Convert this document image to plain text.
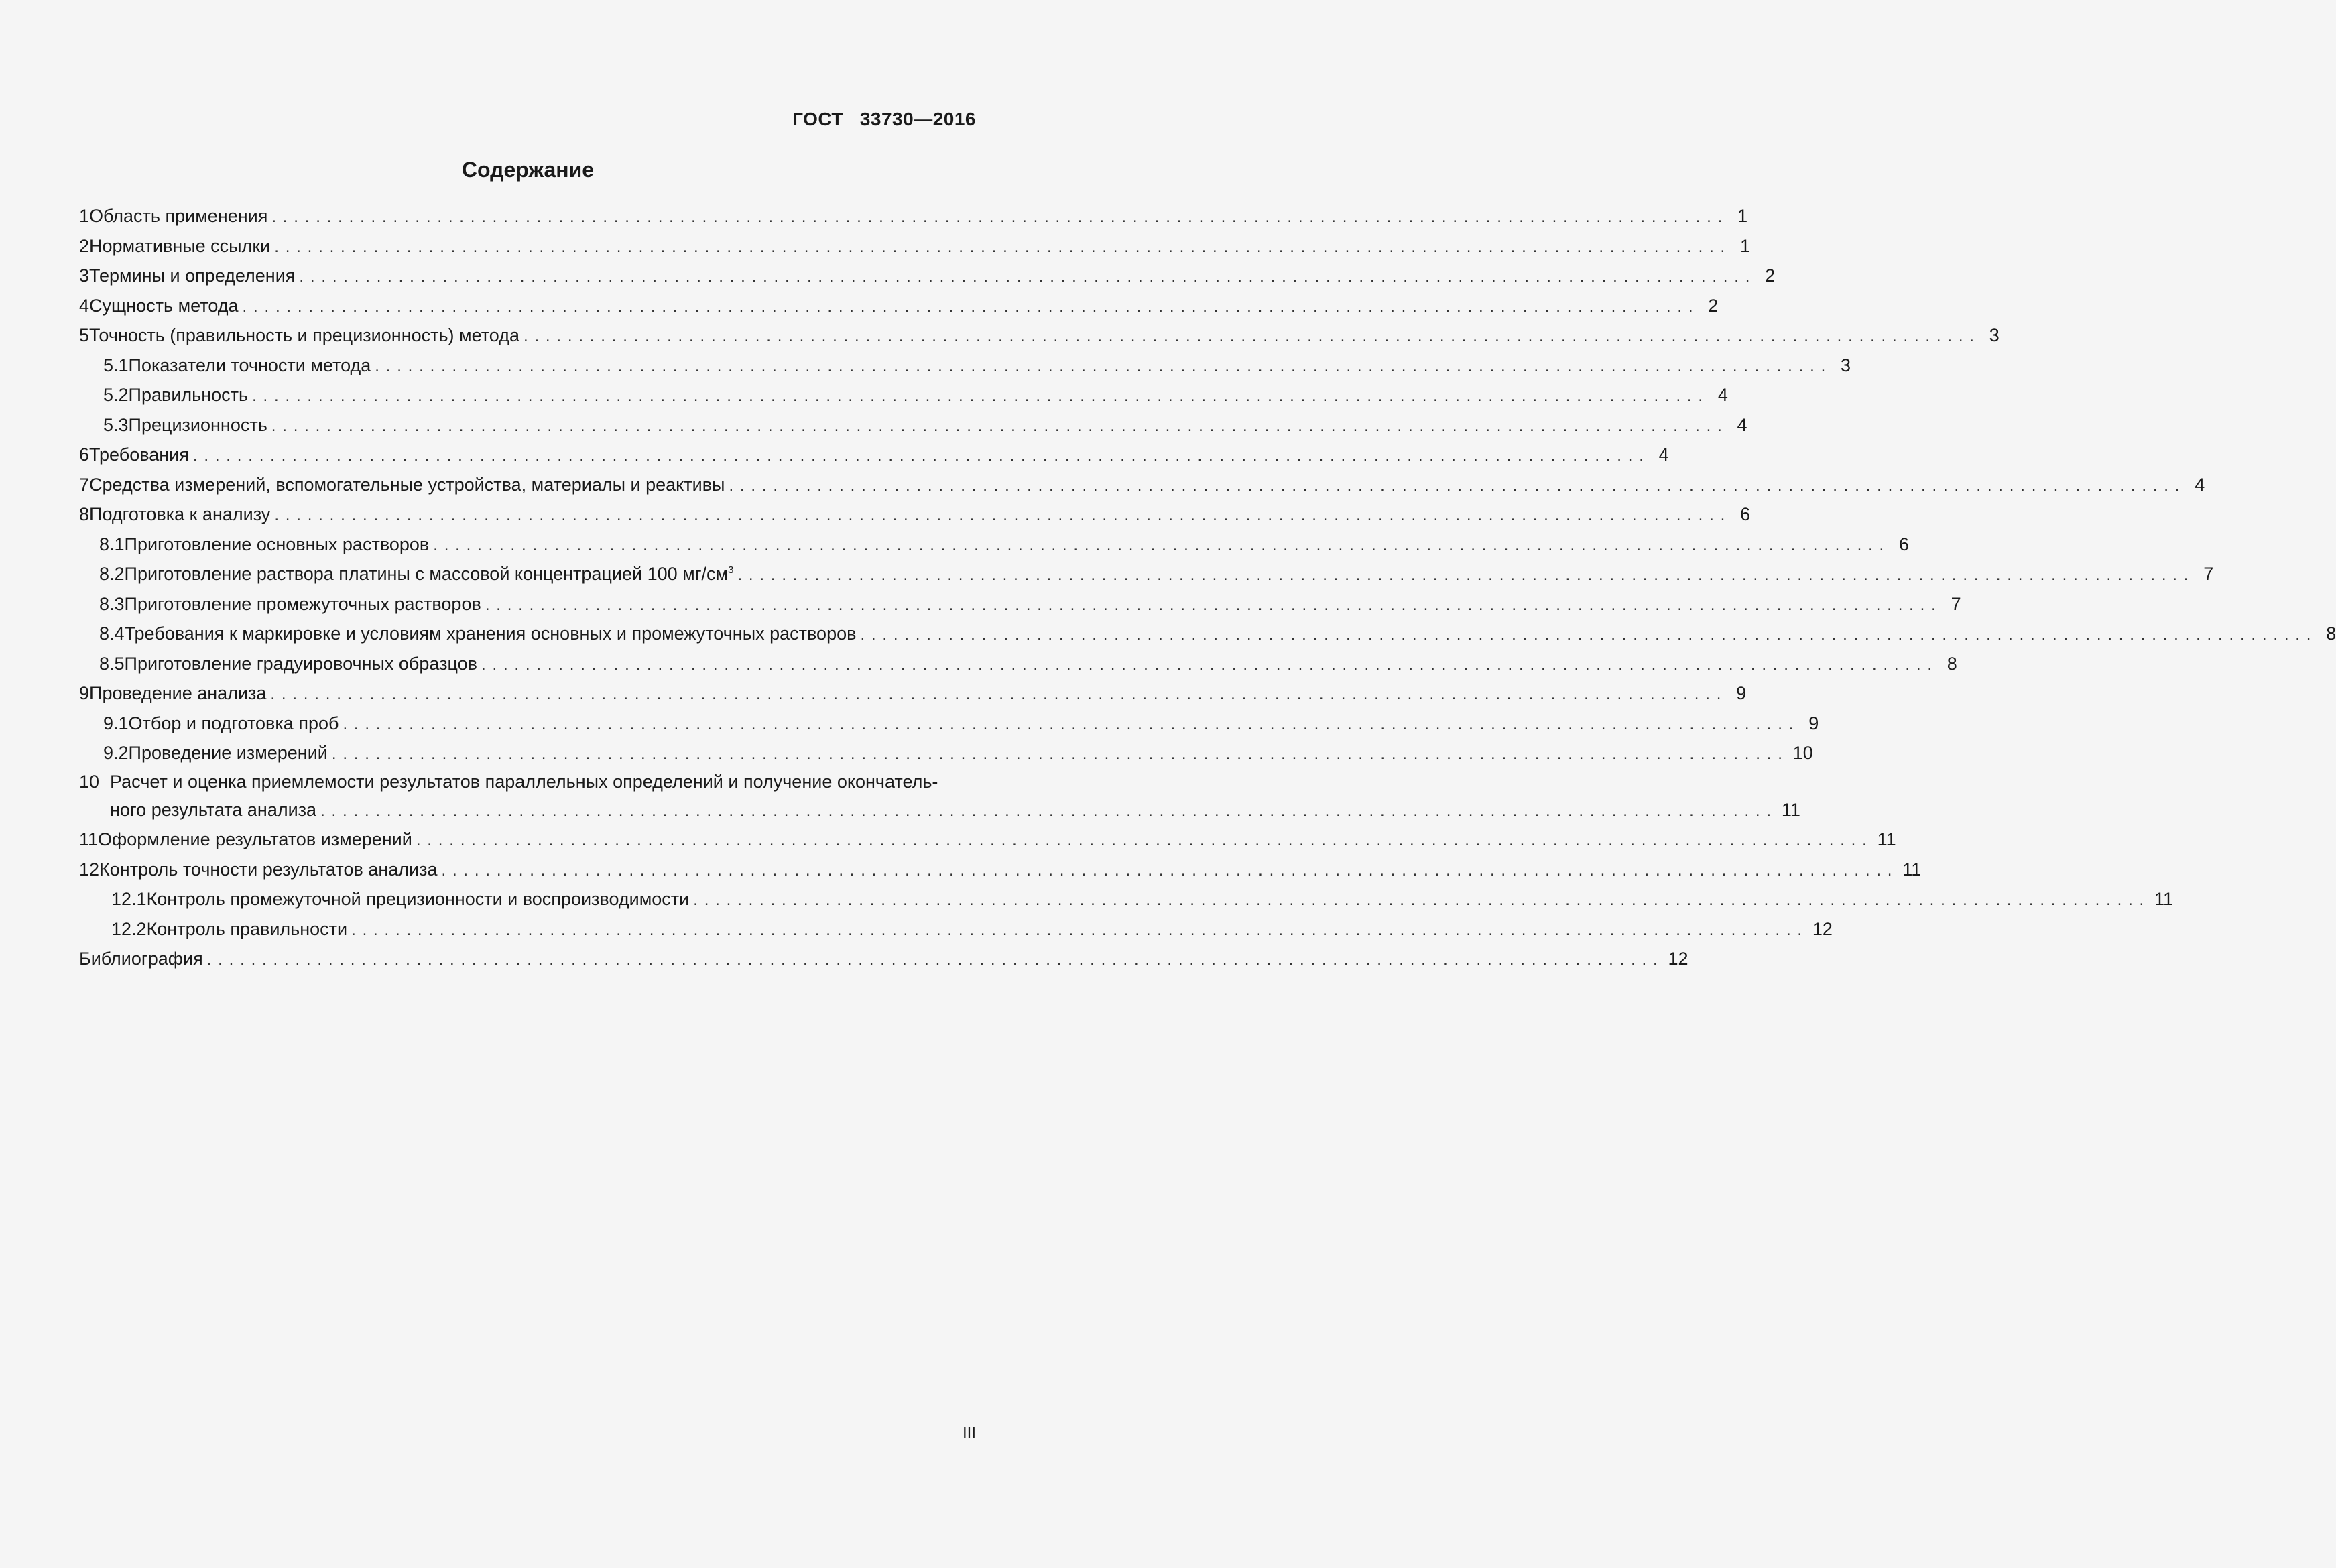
ГОСТ 33730—2016
Содержание
1 Область применения .................................................................................................................................... 1
2 Нормативные ссылки .................................................................................................................................... 1
3 Термины и определения .................................................................................................................................... 2
4 Сущность метода .................................................................................................................................... 2
5 Точность (правильность и прецизионность) метода .................................................................................................................................... 3
5.1 Показатели точности метода .................................................................................................................................... 3
5.2 Правильность .................................................................................................................................... 4
5.3 Прецизионность .................................................................................................................................... 4
6 Требования .................................................................................................................................... 4
7 Средства измерений, вспомогательные устройства, материалы и реактивы .................................................................................................................................... 4
8 Подготовка к анализу .................................................................................................................................... 6
8.1 Приготовление основных растворов .................................................................................................................................... 6
8.2 Приготовление раствора платины с массовой концентрацией 100 $мг/см^3$ .................................................................................................................................... 7
8.3 Приготовление промежуточных растворов .................................................................................................................................... 7
8.4 Требования к маркировке и условиям хранения основных и промежуточных растворов .................................................................................................................................... 8
8.5 Приготовление градуировочных образцов .................................................................................................................................... 8
9 Проведение анализа .................................................................................................................................... 9
9.1 Отбор и подготовка проб .................................................................................................................................... 9
9.2 Проведение измерений .................................................................................................................................... 10
10 Расчет и оценка приемлемости результатов параллельных определений и получение окончатель-
ного результата анализа .................................................................................................................................... 11
11 Оформление результатов измерений .................................................................................................................................... 11
12 Контроль точности результатов анализа .................................................................................................................................... 11
12.1 Контроль промежуточной прецизионности и воспроизводимости .................................................................................................................................... 11
12.2 Контроль правильности .................................................................................................................................... 12
Библиография .................................................................................................................................... 12
III
